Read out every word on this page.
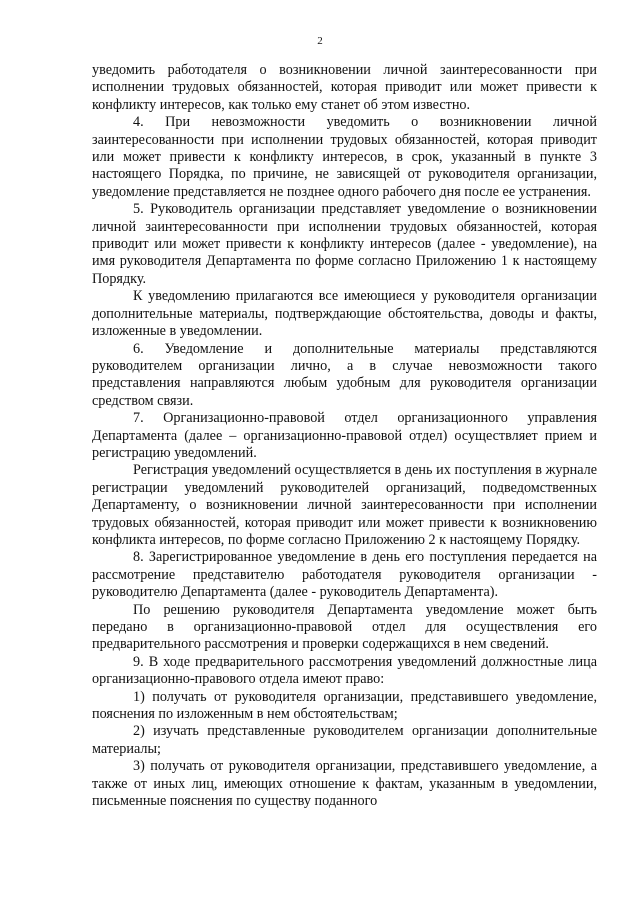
2

уведомить работодателя о возникновении личной заинтересованности при исполнении трудовых обязанностей, которая приводит или может привести к конфликту интересов, как только ему станет об этом известно.

4. При невозможности уведомить о возникновении личной заинтересованности при исполнении трудовых обязанностей, которая приводит или может привести к конфликту интересов, в срок, указанный в пункте 3 настоящего Порядка, по причине, не зависящей от руководителя организации, уведомление представляется не позднее одного рабочего дня после ее устранения.

5. Руководитель организации представляет уведомление о возникновении личной заинтересованности при исполнении трудовых обязанностей, которая приводит или может привести к конфликту интересов (далее - уведомление), на имя руководителя Департамента по форме согласно Приложению 1 к настоящему Порядку.

К уведомлению прилагаются все имеющиеся у руководителя организации дополнительные материалы, подтверждающие обстоятельства, доводы и факты, изложенные в уведомлении.

6. Уведомление и дополнительные материалы представляются руководителем организации лично, а в случае невозможности такого представления направляются любым удобным для руководителя организации средством связи.

7. Организационно-правовой отдел организационного управления Департамента (далее – организационно-правовой отдел) осуществляет прием и регистрацию уведомлений.

Регистрация уведомлений осуществляется в день их поступления в журнале регистрации уведомлений руководителей организаций, подведомственных Департаменту, о возникновении личной заинтересованности при исполнении трудовых обязанностей, которая приводит или может привести к возникновению конфликта интересов, по форме согласно Приложению 2 к настоящему Порядку.

8. Зарегистрированное уведомление в день его поступления передается на рассмотрение представителю работодателя руководителя организации - руководителю Департамента (далее - руководитель Департамента).

По решению руководителя Департамента уведомление может быть передано в организационно-правовой отдел для осуществления его предварительного рассмотрения и проверки содержащихся в нем сведений.

9. В ходе предварительного рассмотрения уведомлений должностные лица организационно-правового отдела имеют право:

1) получать от руководителя организации, представившего уведомление, пояснения по изложенным в нем обстоятельствам;

2) изучать представленные руководителем организации дополнительные материалы;

3) получать от руководителя организации, представившего уведомление, а также от иных лиц, имеющих отношение к фактам, указанным в уведомлении, письменные пояснения по существу поданного
